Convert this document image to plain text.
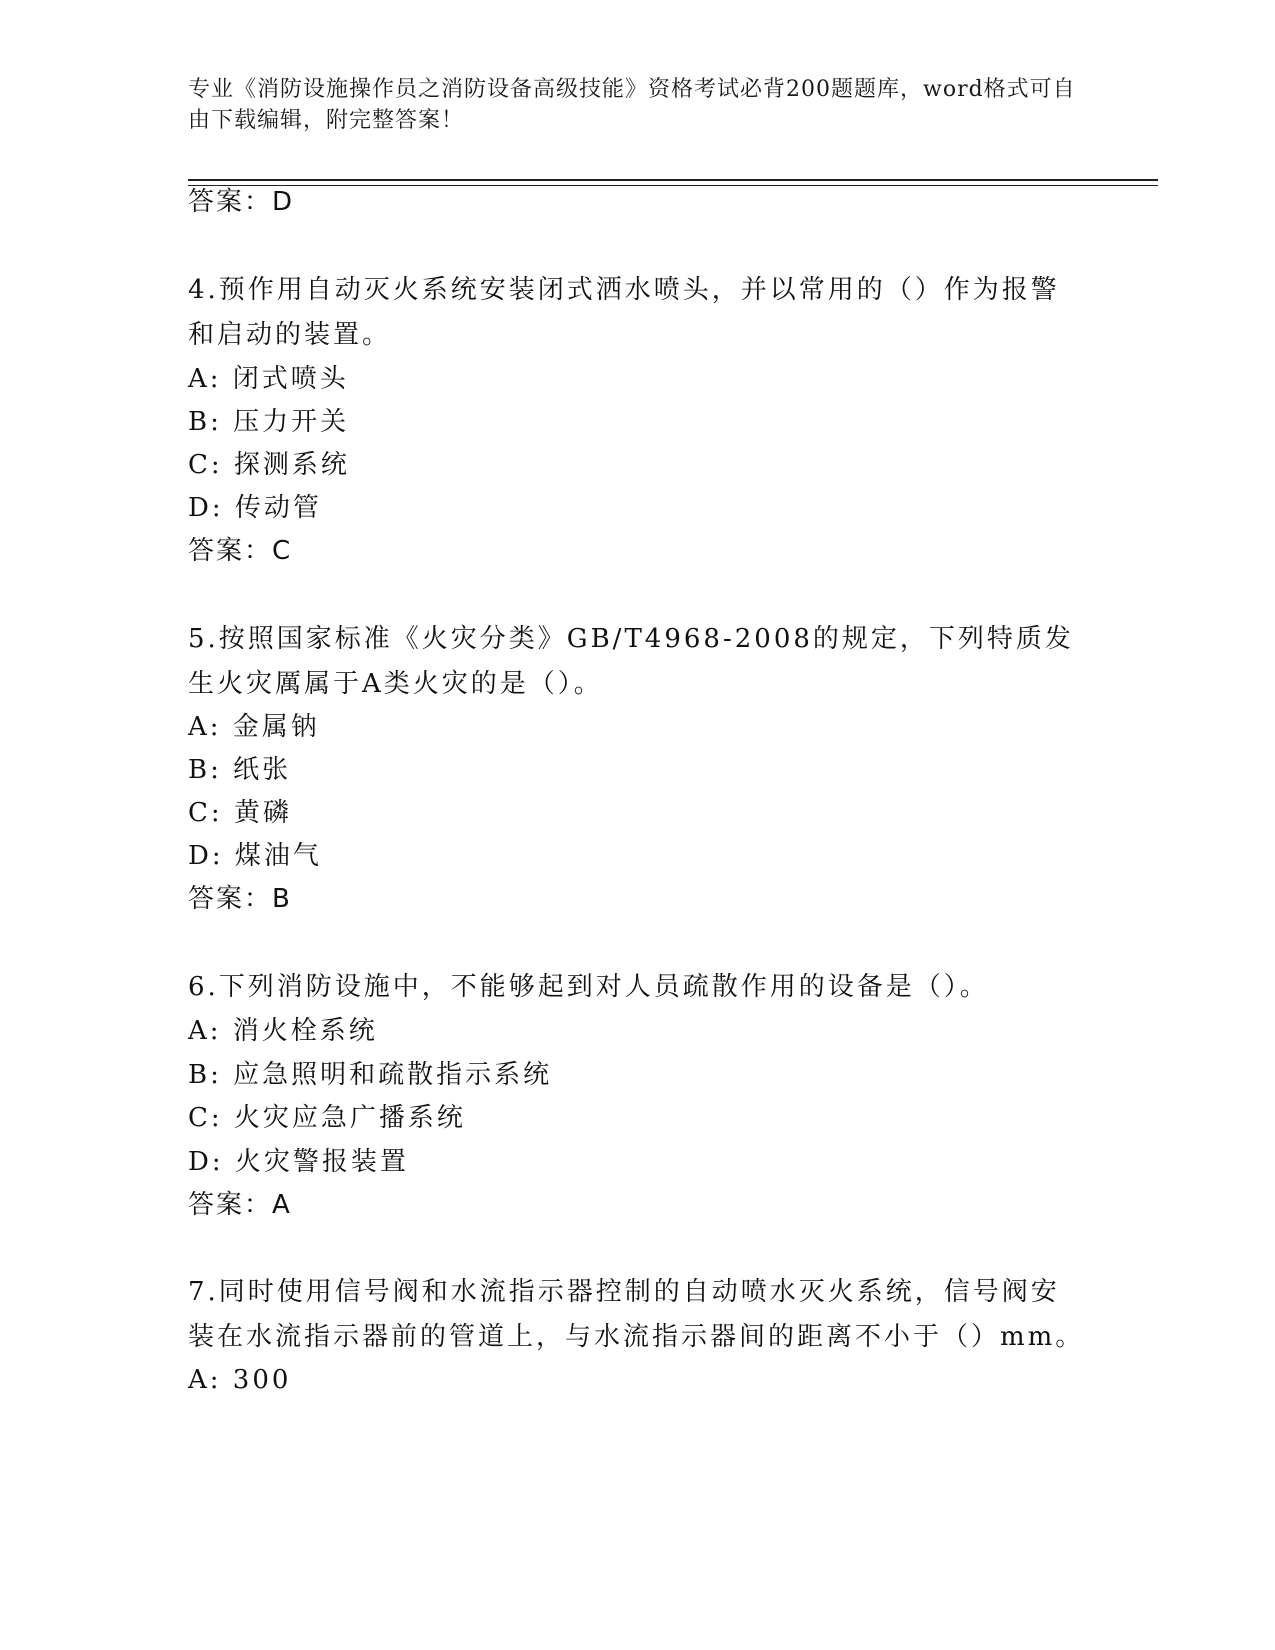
专业《消防设施操作员之消防设备高级技能》资格考试必背200题题库，word格式可自由下载编辑，附完整答案！
答案：D
4.预作用自动灭火系统安装闭式洒水喷头，并以常用的（）作为报警和启动的装置。
A: 闭式喷头
B: 压力开关
C: 探测系统
D: 传动管
答案：C
5.按照国家标准《火灾分类》GB/T4968-2008的规定，下列特质发生火灾厲属于A类火灾的是（）。
A: 金属钠
B: 纸张
C: 黄磷
D: 煤油气
答案：B
6.下列消防设施中，不能够起到对人员疏散作用的设备是（）。
A: 消火栓系统
B: 应急照明和疏散指示系统
C: 火灾应急广播系统
D: 火灾警报装置
答案：A
7.同时使用信号阀和水流指示器控制的自动喷水灭火系统，信号阀安装在水流指示器前的管道上，与水流指示器间的距离不小于（）mm。
A: 300
